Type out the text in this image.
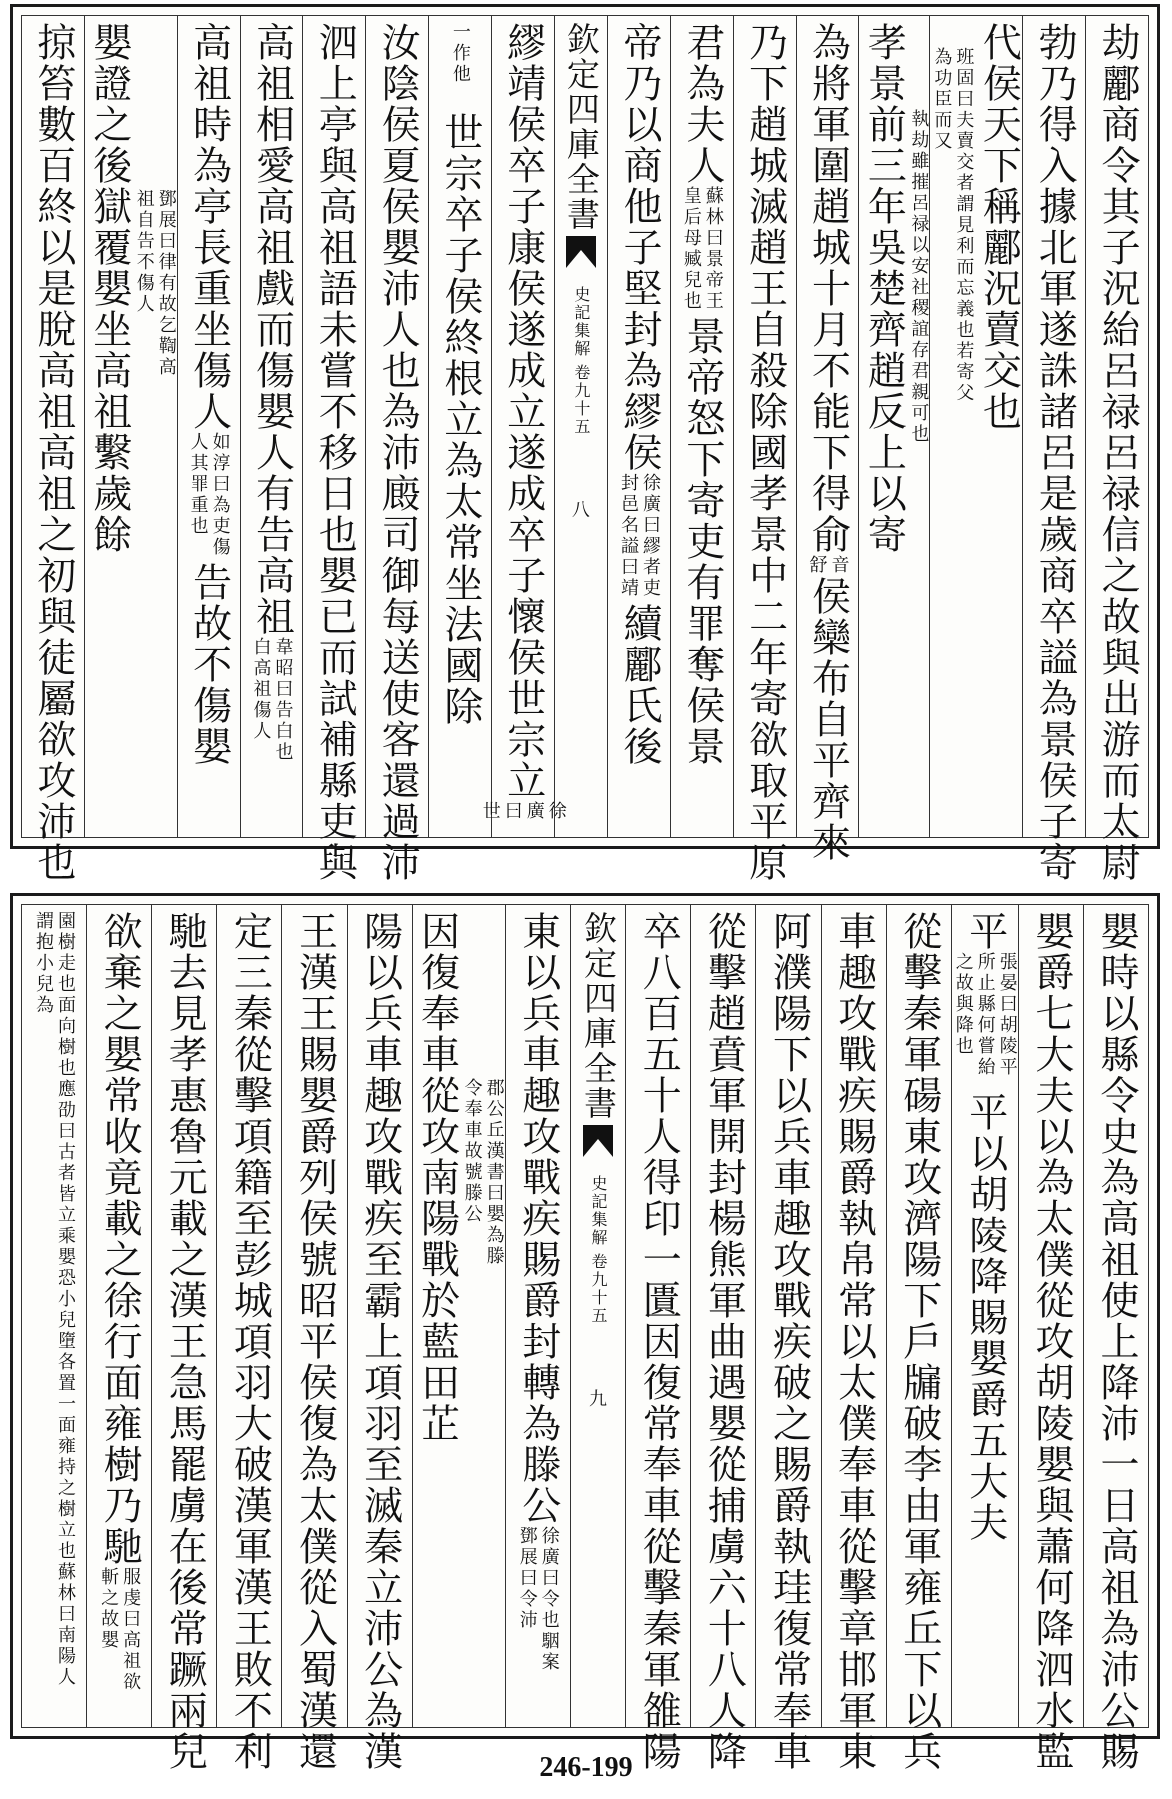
劫酈商令其子況紿呂禄呂禄信之故與出游而太尉
勃乃得入據北軍遂誅諸呂是歲商卒謚為景侯子寄
代侯天下稱酈況賣交也
班固曰夫賣交者謂見利而忘義也若寄父為功臣而又
執劫雖摧呂禄以安社稷誼存君親可也
孝景前三年吳楚齊趙反上以寄
為將軍圍趙城十月不能下得俞
音舒
侯欒布自平齊來
乃下趙城滅趙王自殺除國孝景中二年寄欲取平原
君為夫人
蘇林曰景帝王皇后母臧兒也
景帝怒下寄吏有罪奪侯景
帝乃以商他子堅封為繆侯
徐廣曰繆者吏封邑名謚曰靖
續酈氏後
欽定四庫全書
史記集解
卷九十五
八
繆靖侯卒子康侯遂成立遂成卒子懷侯世宗立
徐廣曰世
一作他
世宗卒子侯終根立為太常坐法國除
汝陰侯夏侯嬰沛人也為沛廄司御每送使客還過沛
泗上亭與高祖語未嘗不移日也嬰已而試補縣吏與
高祖相愛高祖戲而傷嬰人有告高祖
韋昭曰告白也白高祖傷人
高祖時為亭長重坐傷人
如淳曰為吏傷人其罪重也
告故不傷嬰
鄧展曰律有故乞鞫高祖自告不傷人
嬰證之後獄覆嬰坐高祖繫歲餘
掠笞數百終以是脫高祖高祖之初與徒屬欲攻沛也
嬰時以縣令史為高祖使上降沛一日高祖為沛公賜
嬰爵七大夫以為太僕從攻胡陵嬰與蕭何降泗水監
平
張晏曰胡陵平所止縣何嘗紿之故與降也
平以胡陵降賜嬰爵五大夫
從擊秦軍碭東攻濟陽下戶牖破李由軍雍丘下以兵
車趣攻戰疾賜爵執帛常以太僕奉車從擊章邯軍東
阿濮陽下以兵車趣攻戰疾破之賜爵執珪復常奉車
從擊趙賁軍開封楊熊軍曲遇嬰從捕虜六十八人降
卒八百五十人得印一匱因復常奉車從擊秦軍雒陽
欽定四庫全書
史記集解
卷九十五
九
東以兵車趣攻戰疾賜爵封轉為滕公
徐廣曰令也駰案鄧展曰令沛
郡公丘漢書曰嬰為滕令奉車故號滕公
因復奉車從攻南陽戰於藍田芷
陽以兵車趣攻戰疾至霸上項羽至滅秦立沛公為漢
王漢王賜嬰爵列侯號昭平侯復為太僕從入蜀漢還
定三秦從擊項籍至彭城項羽大破漢軍漢王敗不利
馳去見孝惠魯元載之漢王急馬罷虜在後常蹶兩兒
欲棄之嬰常收竟載之徐行面雍樹乃馳
服虔曰高祖欲斬之故嬰
園樹走也面向樹也應劭曰古者皆立乘嬰恐小兒墮各置一面雍持之樹立也蘇林曰南陽人謂抱小兒為
246-199
